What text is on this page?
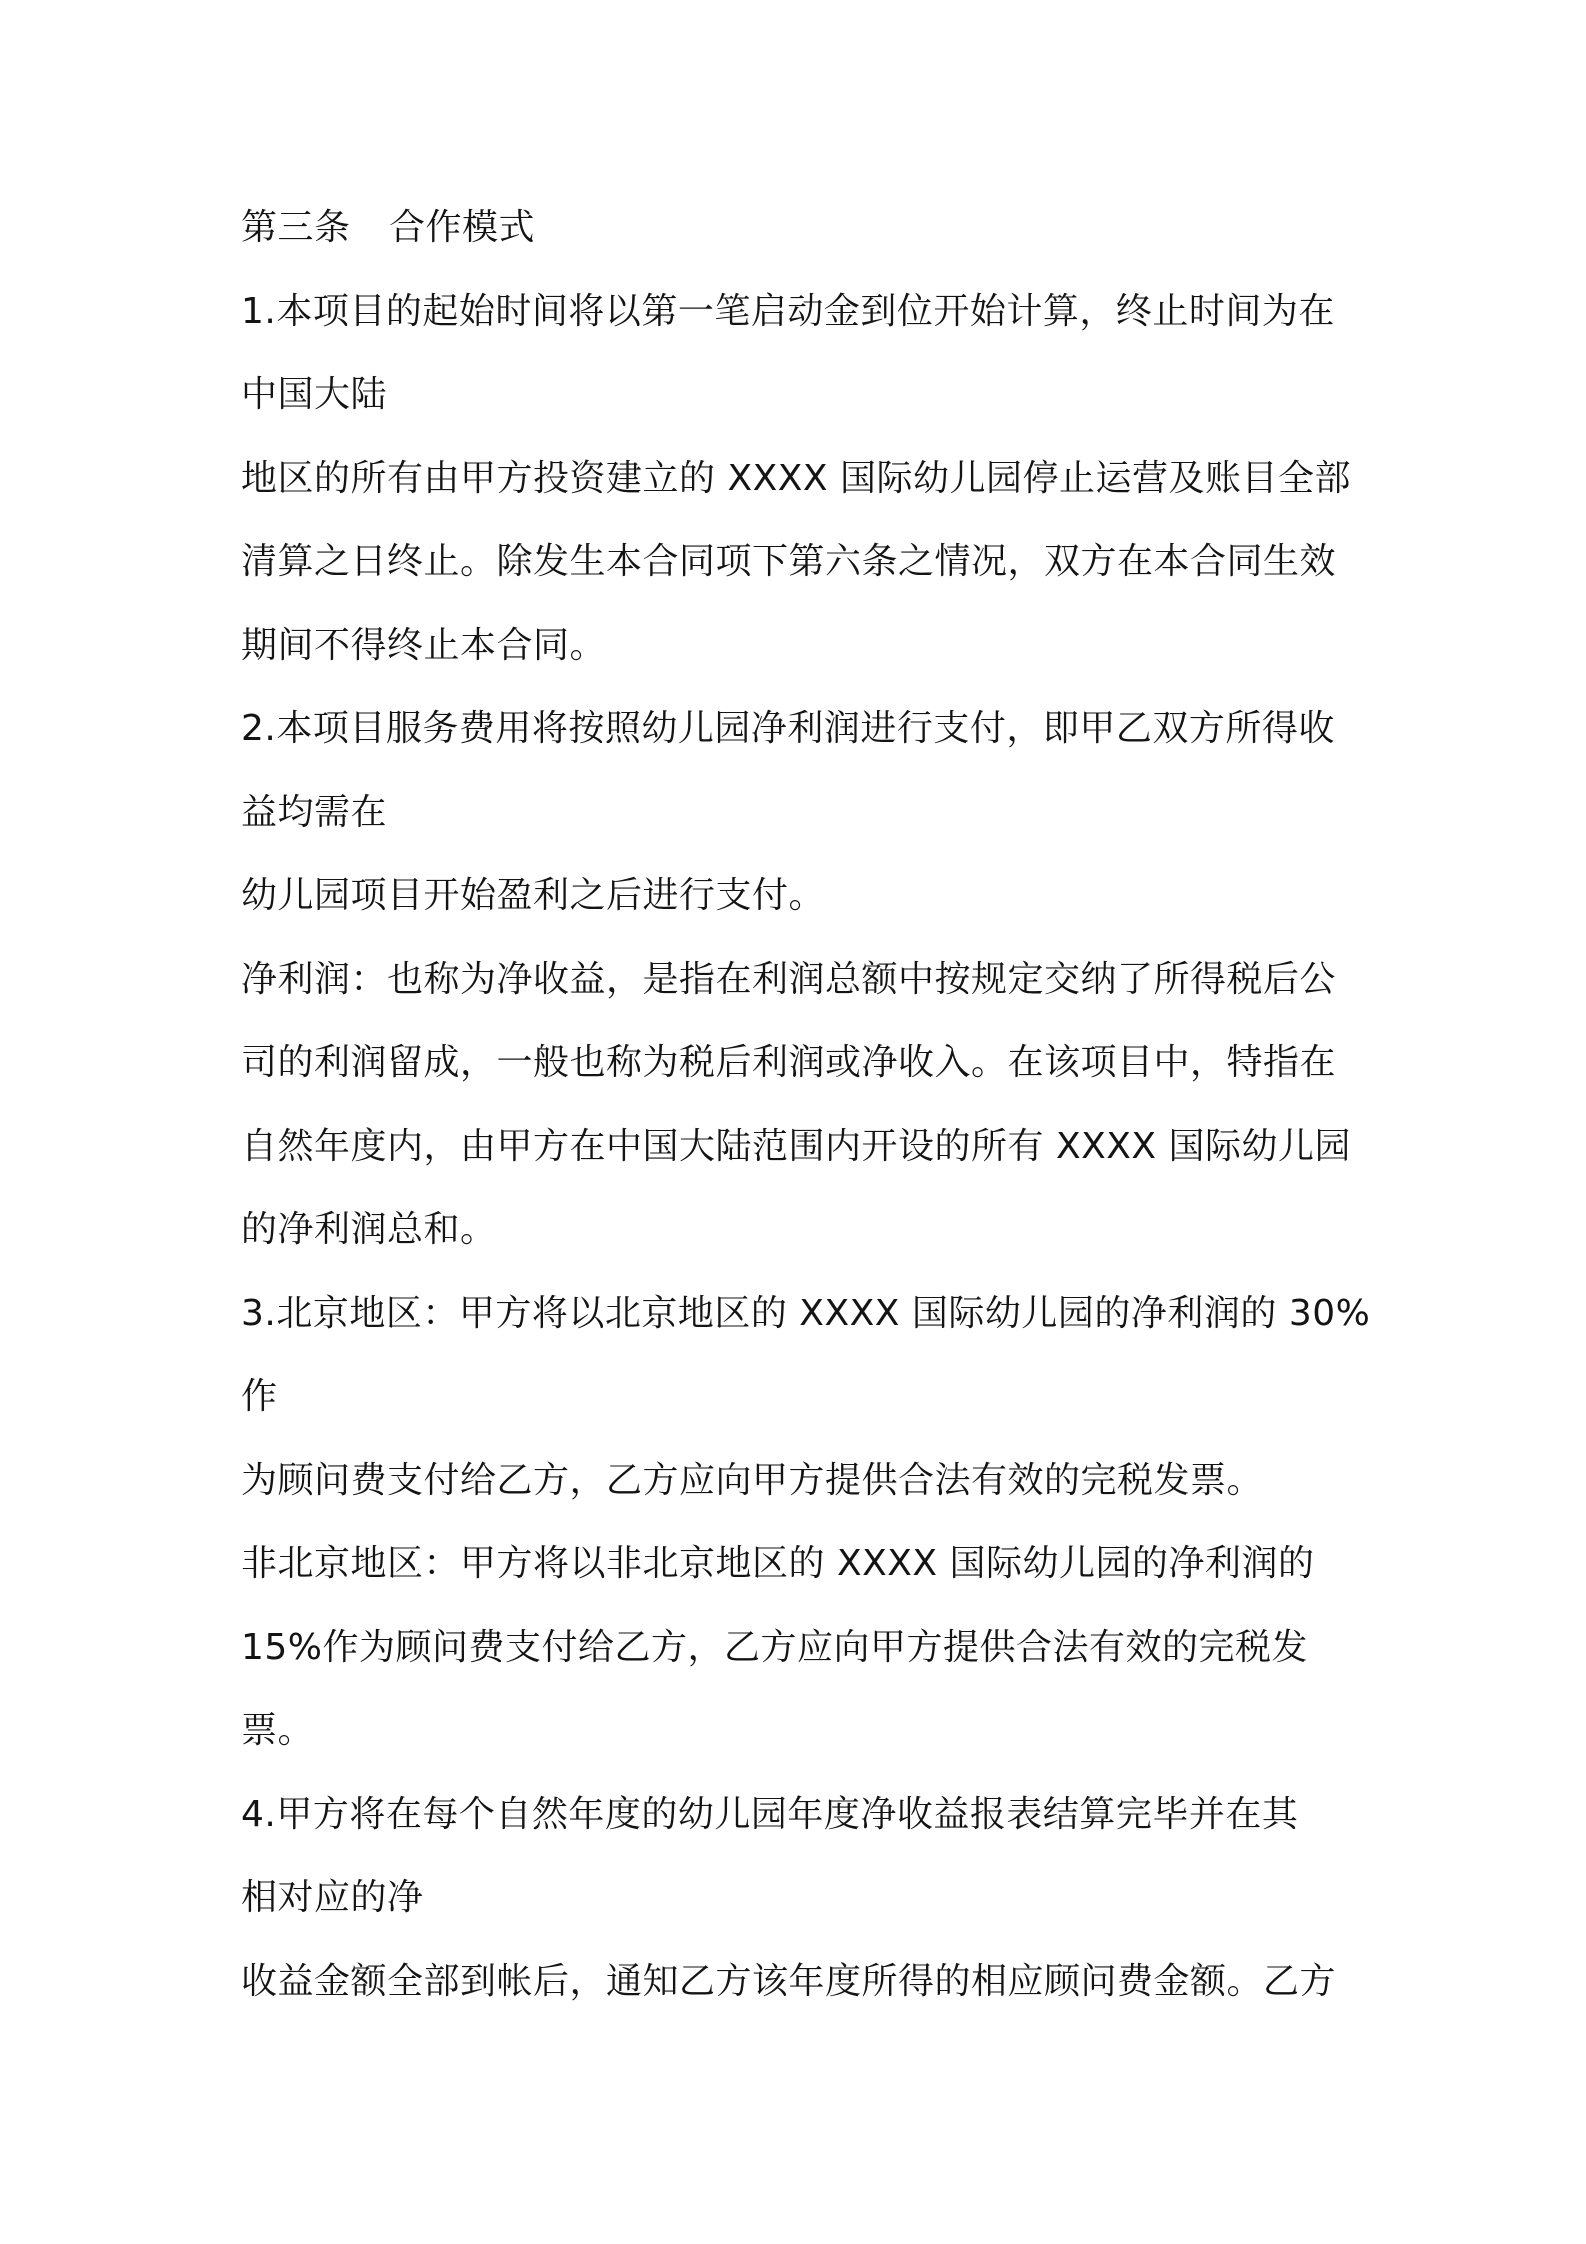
第三条 合作模式
1.本项目的起始时间将以第一笔启动金到位开始计算，终止时间为在
中国大陆
地区的所有由甲方投资建立的 XXXX 国际幼儿园停止运营及账目全部
清算之日终止。除发生本合同项下第六条之情况，双方在本合同生效
期间不得终止本合同。
2.本项目服务费用将按照幼儿园净利润进行支付，即甲乙双方所得收
益均需在
幼儿园项目开始盈利之后进行支付。
净利润：也称为净收益，是指在利润总额中按规定交纳了所得税后公
司的利润留成，一般也称为税后利润或净收入。在该项目中，特指在
自然年度内，由甲方在中国大陆范围内开设的所有 XXXX 国际幼儿园
的净利润总和。
3.北京地区：甲方将以北京地区的 XXXX 国际幼儿园的净利润的 30%
作
为顾问费支付给乙方，乙方应向甲方提供合法有效的完税发票。
非北京地区：甲方将以非北京地区的 XXXX 国际幼儿园的净利润的
15%作为顾问费支付给乙方，乙方应向甲方提供合法有效的完税发
票。
4.甲方将在每个自然年度的幼儿园年度净收益报表结算完毕并在其
相对应的净
收益金额全部到帐后，通知乙方该年度所得的相应顾问费金额。乙方
